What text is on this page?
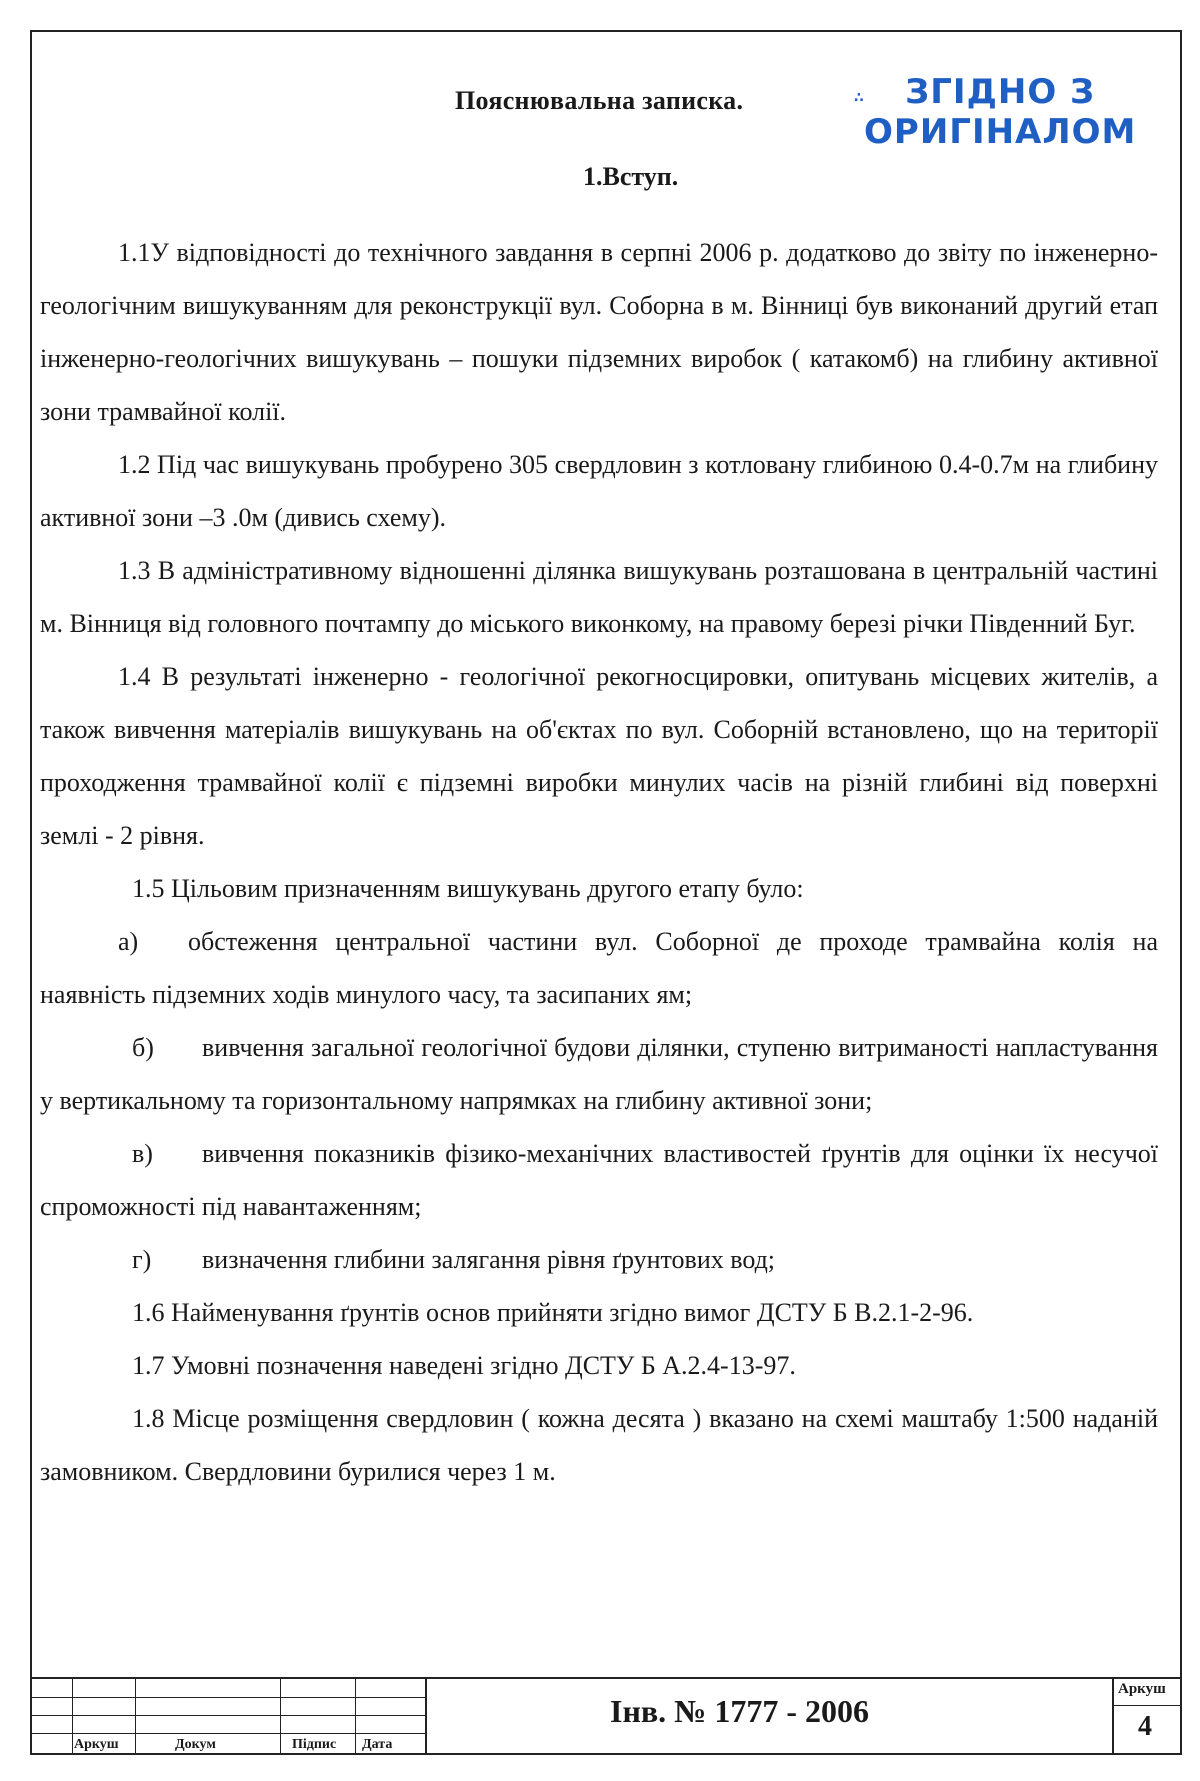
Пояснювальна записка.	∴	ЗГІДНО З
ОРИГІНАЛОМ
1.Вступ.

1.1У відповідності до технічного завдання в серпні 2006 р. додатково до звіту по інженерно-геологічним вишукуванням для реконструкції вул. Соборна в м. Вінниці був виконаний другий етап інженерно-геологічних вишукувань – пошуки підземних виробок ( катакомб) на глибину активної зони трамвайної колії.

1.2 Під час вишукувань пробурено 305 свердловин з котловану глибиною 0.4-0.7м на глибину активної зони –3 .0м (дивись схему).

1.3 В адміністративному відношенні ділянка вишукувань розташована в центральній частині м. Вінниця від головного почтампу до міського виконкому, на правому березі річки Південний Буг.

1.4 В результаті інженерно - геологічної рекогносцировки, опитувань місцевих жителів, а також вивчення матеріалів вишукувань на об'єктах по вул. Соборній встановлено, що на території проходження трамвайної колії є підземні виробки минулих часів на різній глибині від поверхні землі - 2 рівня.

1.5 Цільовим призначенням вишукувань другого етапу було:

а) обстеження центральної частини вул. Соборної де проходе трамвайна колія на наявність підземних ходів минулого часу, та засипаних ям;

б) вивчення загальної геологічної будови ділянки, ступеню витриманості напластування у вертикальному та горизонтальному напрямках на глибину активної зони;

в) вивчення показників фізико-механічних властивостей ґрунтів для оцінки їх несучої спроможності під навантаженням;

г) визначення глибини залягання рівня ґрунтових вод;

1.6 Найменування ґрунтів основ прийняти згідно вимог ДСТУ Б В.2.1-2-96.

1.7 Умовні позначення наведені згідно ДСТУ Б А.2.4-13-97.

1.8 Місце розміщення свердловин ( кожна десята ) вказано на схемі маштабу 1:500 наданій замовником. Свердловини бурилися через 1 м.

Аркуш	Докум	Підпис Дата
Інв. № 1777 - 2006
Аркуш
4
